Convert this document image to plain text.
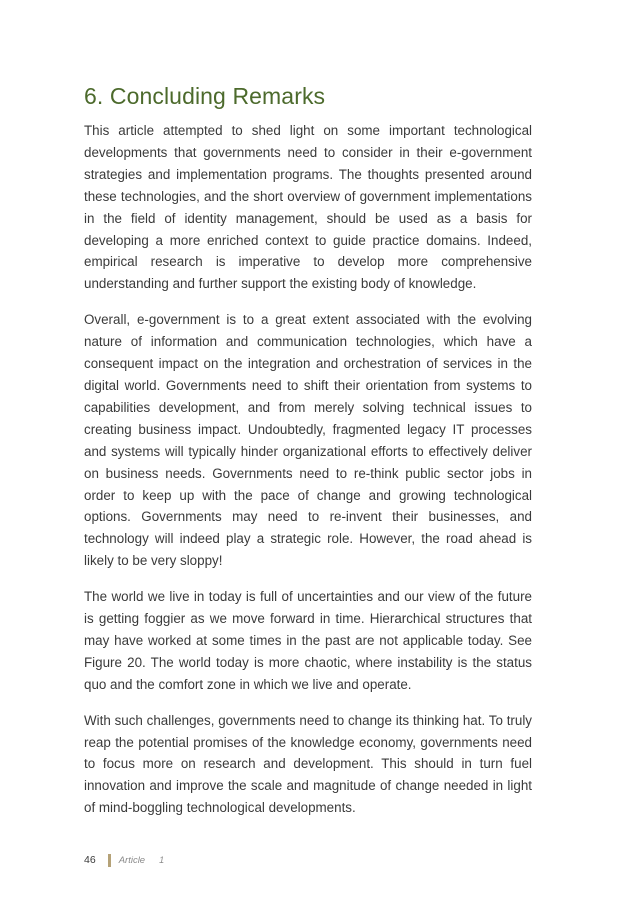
6. Concluding Remarks

This article attempted to shed light on some important technological developments that governments need to consider in their e-government strategies and implementation programs. The thoughts presented around these technologies, and the short overview of government implementations in the field of identity management, should be used as a basis for developing a more enriched context to guide practice domains. Indeed, empirical research is imperative to develop more comprehensive understanding and further support the existing body of knowledge.

Overall, e-government is to a great extent associated with the evolving nature of information and communication technologies, which have a consequent impact on the integration and orchestration of services in the digital world. Governments need to shift their orientation from systems to capabilities development, and from merely solving technical issues to creating business impact. Undoubtedly, fragmented legacy IT processes and systems will typically hinder organizational efforts to effectively deliver on business needs. Governments need to re-think public sector jobs in order to keep up with the pace of change and growing technological options. Governments may need to re-invent their businesses, and technology will indeed play a strategic role. However, the road ahead is likely to be very sloppy!

The world we live in today is full of uncertainties and our view of the future is getting foggier as we move forward in time. Hierarchical structures that may have worked at some times in the past are not applicable today. See Figure 20. The world today is more chaotic, where instability is the status quo and the comfort zone in which we live and operate.

With such challenges, governments need to change its thinking hat. To truly reap the potential promises of the knowledge economy, governments need to focus more on research and development. This should in turn fuel innovation and improve the scale and magnitude of change needed in light of mind-boggling technological developments.

46 Article 1
